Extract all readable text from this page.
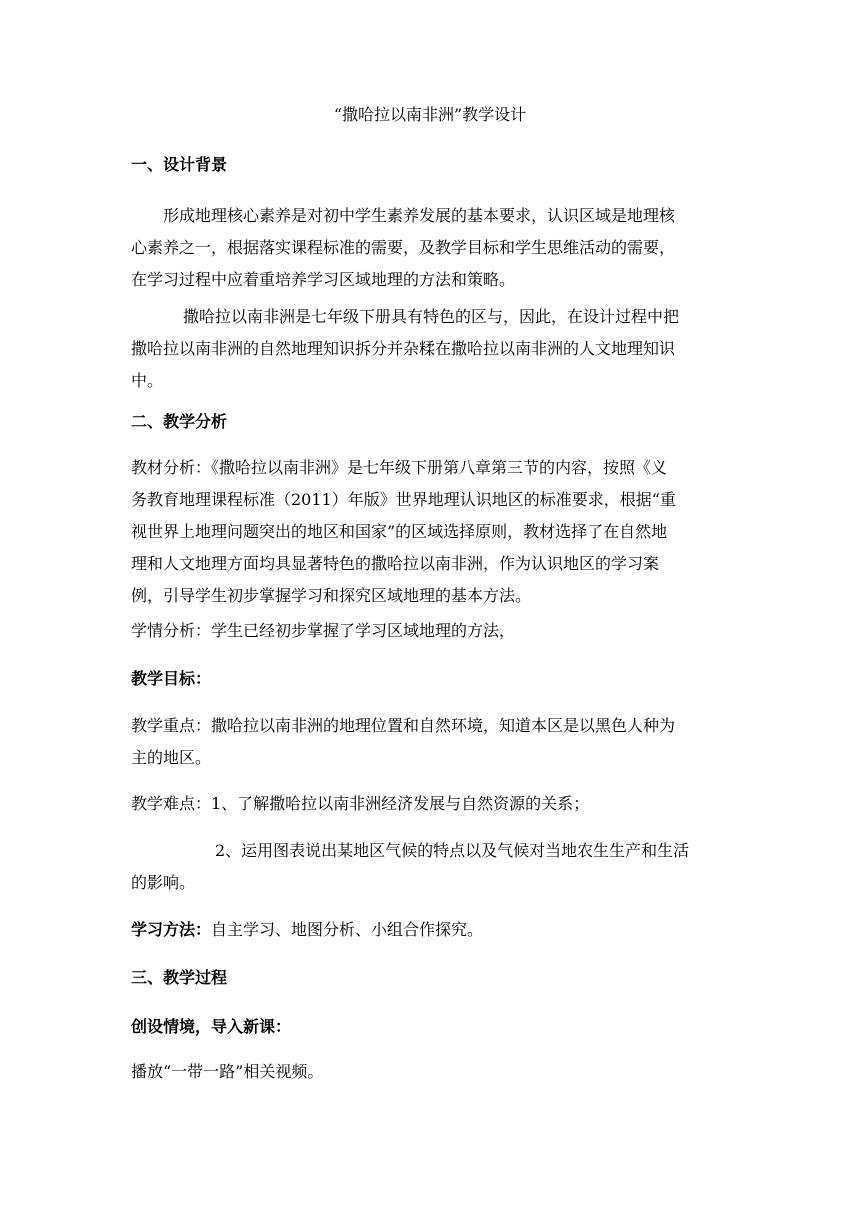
“撒哈拉以南非洲”教学设计
一、设计背景
形成地理核心素养是对初中学生素养发展的基本要求，认识区域是地理核
心素养之一，根据落实课程标准的需要，及教学目标和学生思维活动的需要，
在学习过程中应着重培养学习区域地理的方法和策略。
撒哈拉以南非洲是七年级下册具有特色的区与，因此，在设计过程中把
撒哈拉以南非洲的自然地理知识拆分并杂糅在撒哈拉以南非洲的人文地理知识
中。
二、教学分析
教材分析：《撒哈拉以南非洲》是七年级下册第八章第三节的内容，按照《义
务教育地理课程标准（2011）年版》世界地理认识地区的标准要求，根据“重
视世界上地理问题突出的地区和国家”的区域选择原则，教材选择了在自然地
理和人文地理方面均具显著特色的撒哈拉以南非洲，作为认识地区的学习案
例，引导学生初步掌握学习和探究区域地理的基本方法。
学情分析：学生已经初步掌握了学习区域地理的方法，
教学目标：
教学重点：撒哈拉以南非洲的地理位置和自然环境，知道本区是以黑色人种为
主的地区。
教学难点：1、了解撒哈拉以南非洲经济发展与自然资源的关系；
2、运用图表说出某地区气候的特点以及气候对当地农生生产和生活
的影响。
学习方法：自主学习、地图分析、小组合作探究。
三、教学过程
创设情境，导入新课：
播放“一带一路”相关视频。
